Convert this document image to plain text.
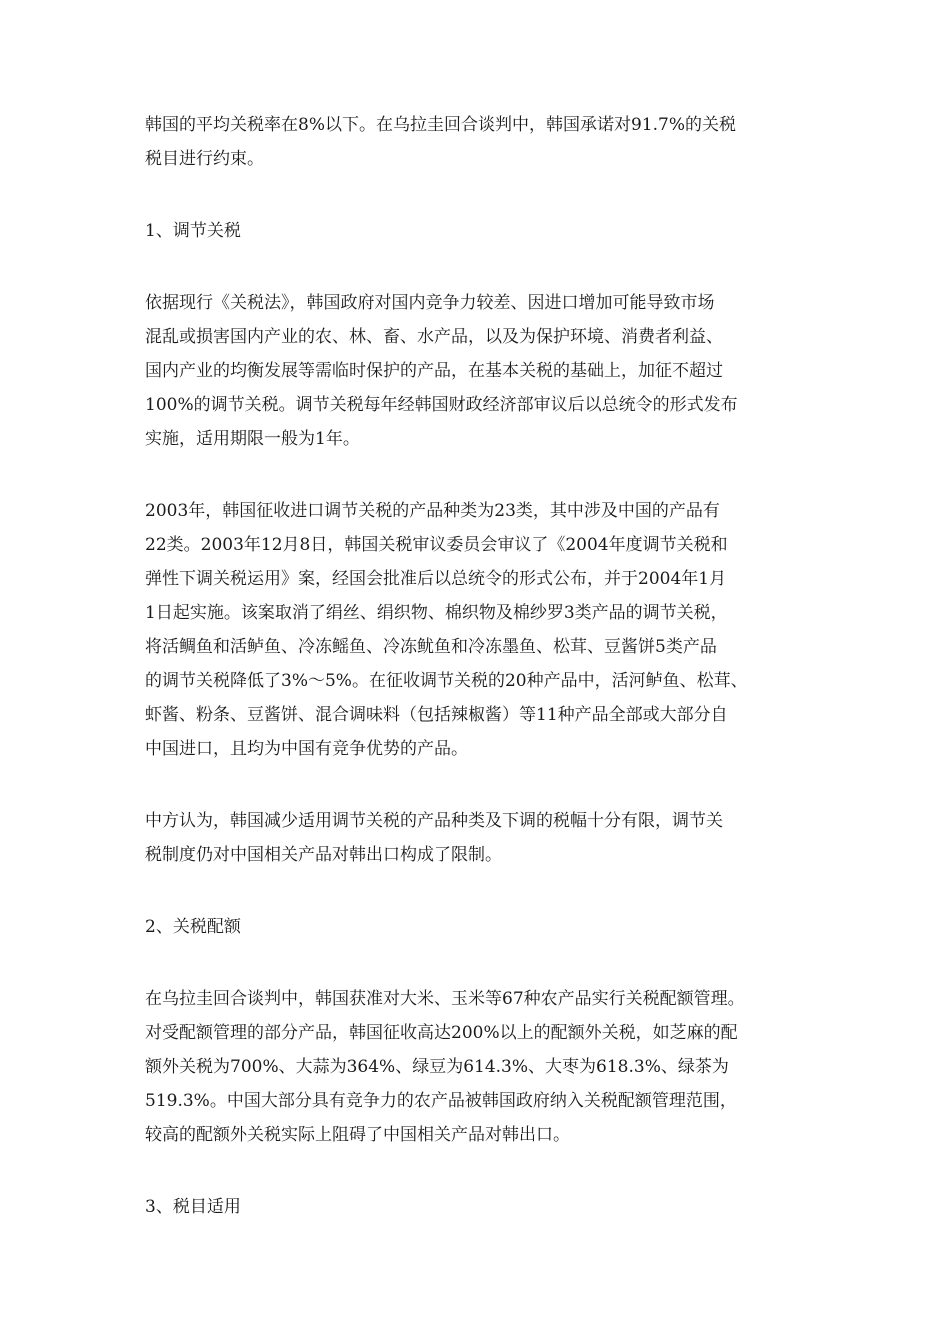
韩国的平均关税率在8%以下。在乌拉圭回合谈判中，韩国承诺对91.7%的关税
税目进行约束。

1、调节关税

依据现行《关税法》，韩国政府对国内竞争力较差、因进口增加可能导致市场
混乱或损害国内产业的农、林、畜、水产品，以及为保护环境、消费者利益、
国内产业的均衡发展等需临时保护的产品，在基本关税的基础上，加征不超过
100%的调节关税。调节关税每年经韩国财政经济部审议后以总统令的形式发布
实施，适用期限一般为1年。

2003年，韩国征收进口调节关税的产品种类为23类，其中涉及中国的产品有
22类。2003年12月8日，韩国关税审议委员会审议了《2004年度调节关税和
弹性下调关税运用》案，经国会批准后以总统令的形式公布，并于2004年1月
1日起实施。该案取消了绢丝、绢织物、棉织物及棉纱罗3类产品的调节关税，
将活鲷鱼和活鲈鱼、冷冻鳐鱼、冷冻鱿鱼和冷冻墨鱼、松茸、豆酱饼5类产品
的调节关税降低了3%～5%。在征收调节关税的20种产品中，活河鲈鱼、松茸、
虾酱、粉条、豆酱饼、混合调味料（包括辣椒酱）等11种产品全部或大部分自
中国进口，且均为中国有竞争优势的产品。

中方认为，韩国减少适用调节关税的产品种类及下调的税幅十分有限，调节关
税制度仍对中国相关产品对韩出口构成了限制。

2、关税配额

在乌拉圭回合谈判中，韩国获准对大米、玉米等67种农产品实行关税配额管理。
对受配额管理的部分产品，韩国征收高达200%以上的配额外关税，如芝麻的配
额外关税为700%、大蒜为364%、绿豆为614.3%、大枣为618.3%、绿茶为
519.3%。中国大部分具有竞争力的农产品被韩国政府纳入关税配额管理范围，
较高的配额外关税实际上阻碍了中国相关产品对韩出口。

3、税目适用
